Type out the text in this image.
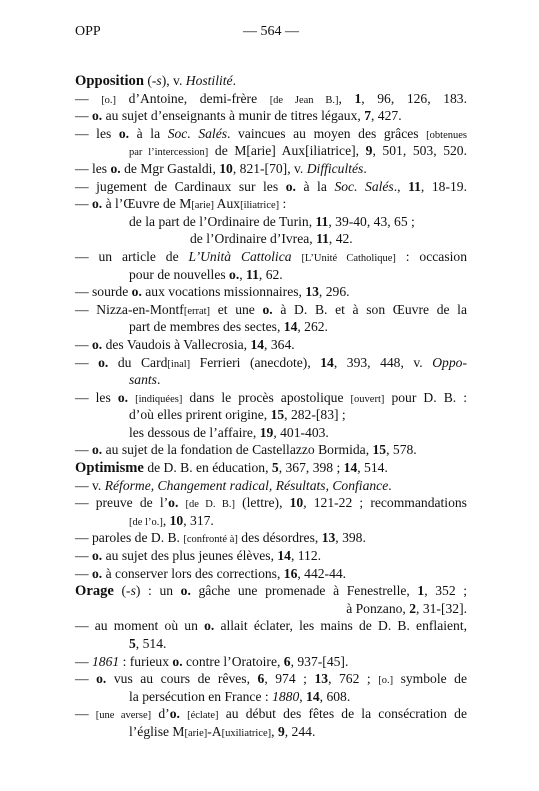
OPP	— 564 —
Opposition (-s), v. Hostilité.
— [o.] d’Antoine, demi-frère [de Jean B.], 1, 96, 126, 183.
— o. au sujet d’enseignants à munir de titres légaux, 7, 427.
— les o. à la Soc. Salés. vaincues au moyen des grâces [obtenues
par l’intercession] de M[arie] Aux[iliatrice], 9, 501, 503, 520.
— les o. de Mgr Gastaldi, 10, 821-[70], v. Difficultés.
— jugement de Cardinaux sur les o. à la Soc. Salés., 11, 18-19.
— o. à l’Œuvre de M[arie] Aux[iliatrice] :
de la part de l’Ordinaire de Turin, 11, 39-40, 43, 65 ;
de l’Ordinaire d’Ivrea, 11, 42.
— un article de L’Unità Cattolica [L’Unité Catholique] : occasion
pour de nouvelles o., 11, 62.
— sourde o. aux vocations missionnaires, 13, 296.
— Nizza-en-Montf[errat] et une o. à D. B. et à son Œuvre de la
part de membres des sectes, 14, 262.
— o. des Vaudois à Vallecrosia, 14, 364.
— o. du Card[inal] Ferrieri (anecdote), 14, 393, 448, v. Oppo-
sants.
— les o. [indiquées] dans le procès apostolique [ouvert] pour D. B. :
d’où elles prirent origine, 15, 282-[83] ;
les dessous de l’affaire, 19, 401-403.
— o. au sujet de la fondation de Castellazzo Bormida, 15, 578.
Optimisme de D. B. en éducation, 5, 367, 398 ; 14, 514.
— v. Réforme, Changement radical, Résultats, Confiance.
— preuve de l’o. [de D. B.] (lettre), 10, 121-22 ; recommandations
[de l’o.], 10, 317.
— paroles de D. B. [confronté à] des désordres, 13, 398.
— o. au sujet des plus jeunes élèves, 14, 112.
— o. à conserver lors des corrections, 16, 442-44.
Orage (-s) : un o. gâche une promenade à Fenestrelle, 1, 352 ;
à Ponzano, 2, 31-[32].
— au moment où un o. allait éclater, les mains de D. B. enflaient,
5, 514.
— 1861 : furieux o. contre l’Oratoire, 6, 937-[45].
— o. vus au cours de rêves, 6, 974 ; 13, 762 ; [o.] symbole de
la persécution en France : 1880, 14, 608.
— [une averse] d’o. [éclate] au début des fêtes de la consécration de
l’église M[arie]-A[uxiliatrice], 9, 244.
